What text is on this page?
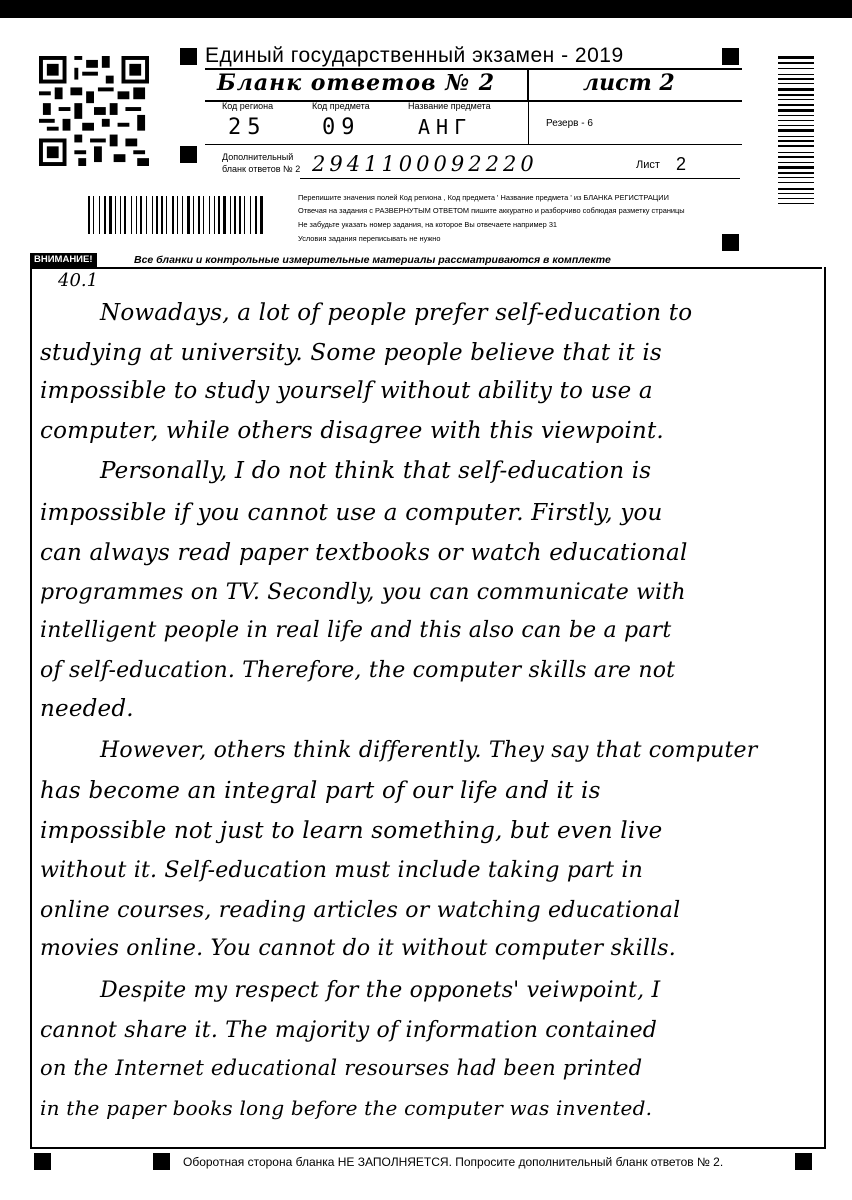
Единый государственный экзамен - 2019
Бланк ответов № 2	лист 2
Код региона
25
Код предмета
09
Название предмета
АНГ	Резерв - 6
Дополнительный
бланк ответов № 2 2941100092220	Лист 2
Перепишите значения полей Код региона , Код предмета ' Название предмета ' из БЛАНКА РЕГИСТРАЦИИ
Отвечая на задания с РАЗВЕРНУТЫМ ОТВЕТОМ пишите аккуратно и разборчиво соблюдая разметку страницы
Не забудьте указать номер задания, на которое Вы отвечаете например 31
Условия задания переписывать не нужно
ВНИМАНИЕ!	Все бланки и контрольные измерительные материалы рассматриваются в комплекте
40.1
Nowadays, a lot of people prefer self-education to
studying at university. Some people believe that it is
impossible to study yourself without ability to use a
computer, while others disagree with this viewpoint.
Personally, I do not think that self-education is
impossible if you cannot use a computer. Firstly, you
can always read paper textbooks or watch educational
programmes on TV. Secondly, you can communicate with
intelligent people in real life and this also can be a part
of self-education. Therefore, the computer skills are not
needed.
However, others think differently. They say that computer
has become an integral part of our life and it is
impossible not just to learn something, but even live
without it. Self-education must include taking part in
online courses, reading articles or watching educational
movies online. You cannot do it without computer skills.
Despite my respect for the opponets' veiwpoint, I
cannot share it. The majority of information contained
on the Internet educational resourses had been printed
in the paper books long before the computer was invented.
Оборотная сторона бланка НЕ ЗАПОЛНЯЕТСЯ. Попросите дополнительный бланк ответов № 2.
